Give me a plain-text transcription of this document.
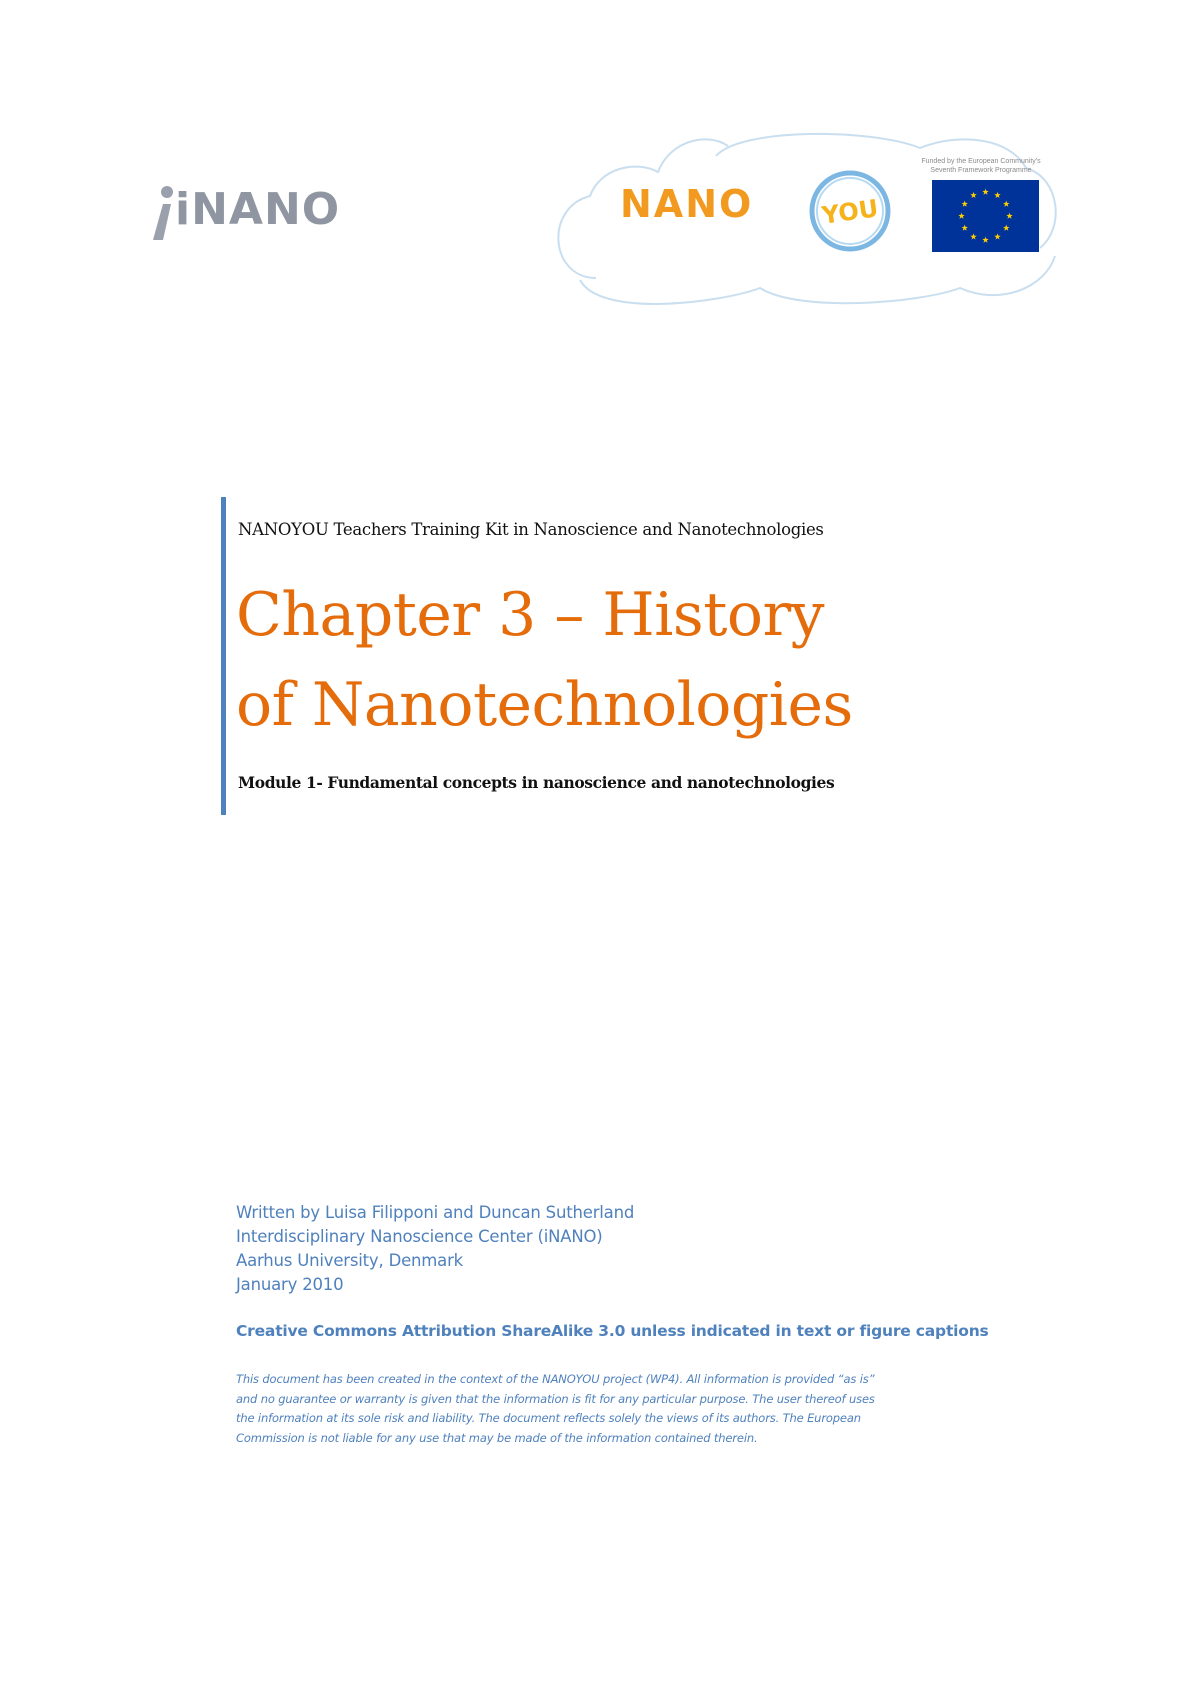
iNANO	NANO	YOU
Funded by the European Community's
Seventh Framework Programme
NANOYOU Teachers Training Kit in Nanoscience and Nanotechnologies
Chapter 3 – History
of Nanotechnologies
Module 1- Fundamental concepts in nanoscience and nanotechnologies
Written by Luisa Filipponi and Duncan Sutherland
Interdisciplinary Nanoscience Center (iNANO)
Aarhus University, Denmark
January 2010
Creative Commons Attribution ShareAlike 3.0 unless indicated in text or figure captions
This document has been created in the context of the NANOYOU project (WP4). All information is provided “as is”
and no guarantee or warranty is given that the information is fit for any particular purpose. The user thereof uses
the information at its sole risk and liability. The document reflects solely the views of its authors. The European
Commission is not liable for any use that may be made of the information contained therein.
